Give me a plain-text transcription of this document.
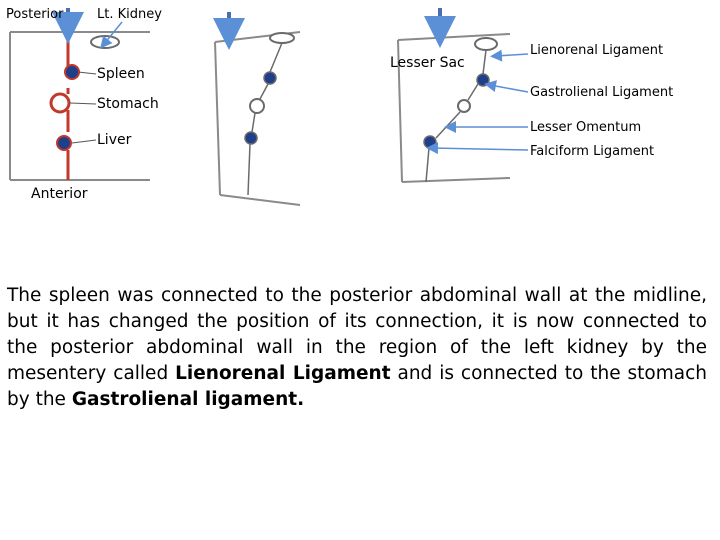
Posterior	Lt. Kidney
Spleen
Stomach
Liver
Anterior
Lesser Sac
Lienorenal Ligament
Gastrolienal Ligament
Lesser Omentum
Falciform Ligament

The spleen was connected to the posterior abdominal wall at the midline, but it has changed the position of its connection, it is now connected to the posterior abdominal wall in the region of the left kidney by the mesentery called Lienorenal Ligament and is connected to the stomach by the Gastrolienal ligament.
